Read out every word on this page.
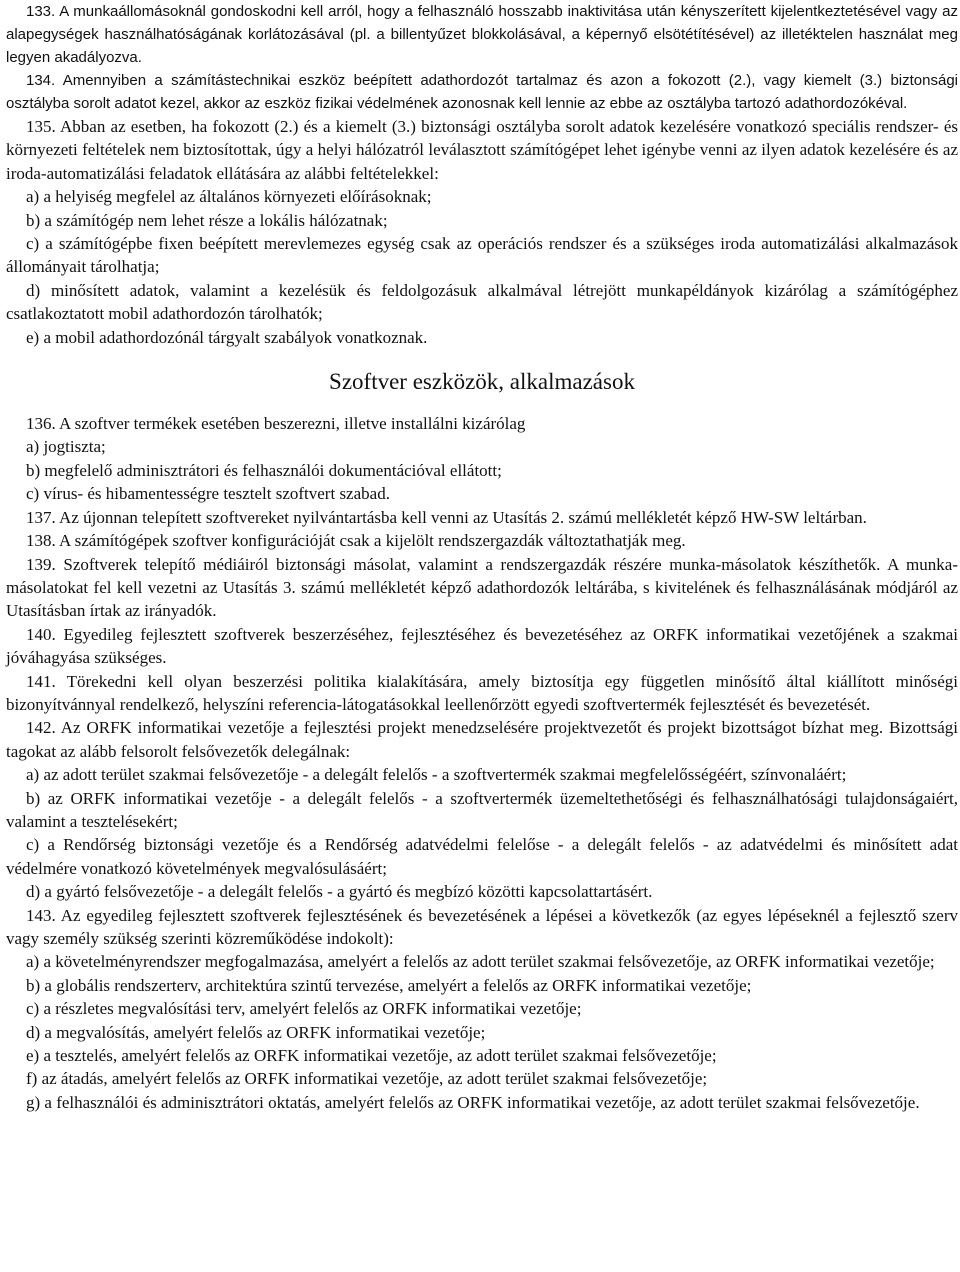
133. A munkaállomásoknál gondoskodni kell arról, hogy a felhasználó hosszabb inaktivitása után kényszerített kijelentkeztetésével vagy az alapegységek használhatóságának korlátozásával (pl. a billentyűzet blokkolásával, a képernyő elsötétítésével) az illetéktelen használat meg legyen akadályozva.

134. Amennyiben a számítástechnikai eszköz beépített adathordozót tartalmaz és azon a fokozott (2.), vagy kiemelt (3.) biztonsági osztályba sorolt adatot kezel, akkor az eszköz fizikai védelmének azonosnak kell lennie az ebbe az osztályba tartozó adathordozókéval.

135. Abban az esetben, ha fokozott (2.) és a kiemelt (3.) biztonsági osztályba sorolt adatok kezelésére vonatkozó speciális rendszer- és környezeti feltételek nem biztosítottak, úgy a helyi hálózatról leválasztott számítógépet lehet igénybe venni az ilyen adatok kezelésére és az iroda-automatizálási feladatok ellátására az alábbi feltételekkel:

a) a helyiség megfelel az általános környezeti előírásoknak;

b) a számítógép nem lehet része a lokális hálózatnak;

c) a számítógépbe fixen beépített merevlemezes egység csak az operációs rendszer és a szükséges iroda automatizálási alkalmazások állományait tárolhatja;

d) minősített adatok, valamint a kezelésük és feldolgozásuk alkalmával létrejött munkapéldányok kizárólag a számítógéphez csatlakoztatott mobil adathordozón tárolhatók;

e) a mobil adathordozónál tárgyalt szabályok vonatkoznak.

Szoftver eszközök, alkalmazások

136. A szoftver termékek esetében beszerezni, illetve installálni kizárólag

a) jogtiszta;

b) megfelelő adminisztrátori és felhasználói dokumentációval ellátott;

c) vírus- és hibamentességre tesztelt szoftvert szabad.

137. Az újonnan telepített szoftvereket nyilvántartásba kell venni az Utasítás 2. számú mellékletét képző HW-SW leltárban.

138. A számítógépek szoftver konfigurációját csak a kijelölt rendszergazdák változtathatják meg.

139. Szoftverek telepítő médiáiról biztonsági másolat, valamint a rendszergazdák részére munka-másolatok készíthetők. A munka-másolatokat fel kell vezetni az Utasítás 3. számú mellékletét képző adathordozók leltárába, s kivitelének és felhasználásának módjáról az Utasításban írtak az irányadók.

140. Egyedileg fejlesztett szoftverek beszerzéséhez, fejlesztéséhez és bevezetéséhez az ORFK informatikai vezetőjének a szakmai jóváhagyása szükséges.

141. Törekedni kell olyan beszerzési politika kialakítására, amely biztosítja egy független minősítő által kiállított minőségi bizonyítvánnyal rendelkező, helyszíni referencia-látogatásokkal leellenőrzött egyedi szoftvertermék fejlesztését és bevezetését.

142. Az ORFK informatikai vezetője a fejlesztési projekt menedzselésére projektvezetőt és projekt bizottságot bízhat meg. Bizottsági tagokat az alább felsorolt felsővezetők delegálnak:

a) az adott terület szakmai felsővezetője - a delegált felelős - a szoftvertermék szakmai megfelelősségéért, színvonaláért;

b) az ORFK informatikai vezetője - a delegált felelős - a szoftvertermék üzemeltethetőségi és felhasználhatósági tulajdonságaiért, valamint a tesztelésekért;

c) a Rendőrség biztonsági vezetője és a Rendőrség adatvédelmi felelőse - a delegált felelős - az adatvédelmi és minősített adat védelmére vonatkozó követelmények megvalósulásáért;

d) a gyártó felsővezetője - a delegált felelős - a gyártó és megbízó közötti kapcsolattartásért.

143. Az egyedileg fejlesztett szoftverek fejlesztésének és bevezetésének a lépései a következők (az egyes lépéseknél a fejlesztő szerv vagy személy szükség szerinti közreműködése indokolt):

a) a követelményrendszer megfogalmazása, amelyért a felelős az adott terület szakmai felsővezetője, az ORFK informatikai vezetője;

b) a globális rendszerterv, architektúra szintű tervezése, amelyért a felelős az ORFK informatikai vezetője;

c) a részletes megvalósítási terv, amelyért felelős az ORFK informatikai vezetője;

d) a megvalósítás, amelyért felelős az ORFK informatikai vezetője;

e) a tesztelés, amelyért felelős az ORFK informatikai vezetője, az adott terület szakmai felsővezetője;

f) az átadás, amelyért felelős az ORFK informatikai vezetője, az adott terület szakmai felsővezetője;

g) a felhasználói és adminisztrátori oktatás, amelyért felelős az ORFK informatikai vezetője, az adott terület szakmai felsővezetője.
